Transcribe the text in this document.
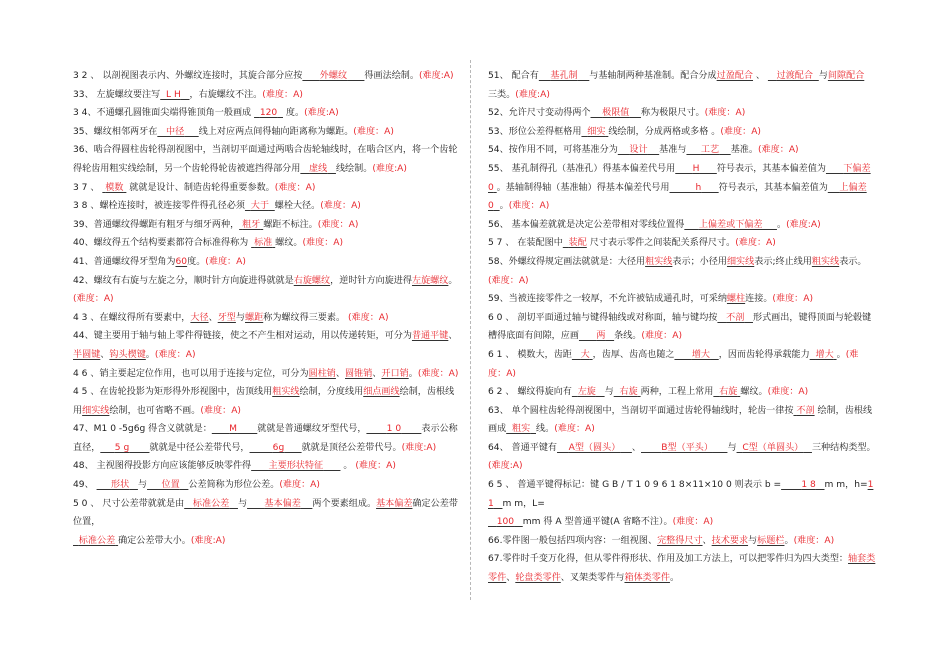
3 2 、 以剖视图表示内、外螺纹连接时，其旋合部分应按 外螺纹 得画法绘制。(难度:A)
33、 左旋螺纹要注写 L H ，右旋螺纹不注。(难度：A)
3 4、不通螺孔圆锥面尖端得锥顶角一般画成   120   度。(难度:A)
35、螺纹相邻两牙在 中径 线上对应两点间得轴向距离称为螺距。(难度：A)
36、啮合得圆柱齿轮得剖视图中，当剖切平面通过两啮合齿轮轴线时，在啮合区内，将一个齿轮得轮齿用粗实线绘制，另一个齿轮得轮齿被遮挡得部分用 虚线 线绘制。(难度:A)
3 7 、  模数  就就是设计、制造齿轮得重要参数。(难度：A)
3 8 、螺栓连接时，被连接零件得孔径必须 大于 螺栓大径。(难度：A)
39、普通螺纹得螺距有粗牙与细牙两种， 粗牙 螺距不标注。(难度：A)
40、螺纹得五个结构要素都符合标准得称为  标准 螺纹。(难度：A)
41、普通螺纹得牙型角为60度。(难度：A)
42、螺纹有右旋与左旋之分，顺时针方向旋进得就就是右旋螺纹，逆时针方向旋进得左旋螺纹。(难度：A)
4 3 、在螺纹得所有要素中，大径、牙型与螺距称为螺纹得三要素。 (难度：A)
44、键主要用于轴与轴上零件得链接，使之不产生相对运动，用以传递转矩，可分为普通平键、半圆键、钩头楔键。(难度：A)
4 6 、销主要起定位作用，也可以用于连接与定位，可分为圆柱销、圆锥销、开口销。(难度：A)
4 5 、在齿轮投影为矩形得外形视图中，齿顶线用粗实线绘制，分度线用细点画线绘制，齿根线用细实线绘制，也可省略不画。(难度：A)
47、M1 0 -5g6g 得含义就就是： M 就就是普通螺纹牙型代号， 1 0 表示公称直径， 5 g 就就是中径公差带代号，	6g 就就是顶径公差带代号。(难度:A)
48、 主视图得投影方向应该能够反映零件得 主要形状特征       。 (难度：A)
49、      形状 与 位置 公差简称为形位公差。(难度：A)
5 0 、 尺寸公差带就就是由 标准公差 与 基本偏差 两个要素组成。基本偏差确定公差带位置，
标准公差 确定公差带大小。(难度:A)
51、 配合有 基孔制 与基轴制两种基准制。配合分成过盈配合 、    过渡配合 与间隙配合 三类。(难度:A)
52、允许尺寸变动得两个 极限值 称为极限尺寸。(难度：A)
53、形位公差得框格用 细实 线绘制，分成两格或多格 。(难度：A)
54、按作用不同，可将基准分为 设计 基准与 工艺 基准。(难度：A)
55、 基孔制得孔（基准孔）得基本偏差代号用 H 符号表示，其基本偏差值为 下偏差0 。基轴制得轴（基准轴）得基本偏差代号用	h 符号表示，其基本偏差值为 上偏差0 。(难度：A)
56、 基本偏差就就是决定公差带相对零线位置得 上偏差或下偏差 。(难度:A)
5 7 、 在装配图中 装配 尺寸表示零件之间装配关系得尺寸。(难度：A)
58、外螺纹得规定画法就就是：大径用粗实线表示；小径用细实线表示;终止线用粗实线表示。(难度：A)
59、当被连接零件之一较厚，不允许被钻成通孔时，可采纳螺柱连接。(难度：A)
6 0 、 剖切平面通过轴与键得轴线或对称面，轴与键均按 不剖 形式画出，键得顶面与轮毂键槽得底面有间隙，应画 两 条线。(难度：A)
6 1 、 模数大，齿距 大 ，齿厚、齿高也随之 增大 ，因而齿轮得承载能力 增大 。(难度：A)
6 2 、 螺纹得旋向有 左旋 与 右旋 两种，工程上常用 右旋 螺纹。(难度：A)
63、 单个圆柱齿轮得剖视图中，当剖切平面通过齿轮得轴线时，轮齿一律按 不剖 绘制，齿根线画成 粗实 线。(难度：A)
64、 普通平键有 A型（圆头） 、 B型（平头） 与 C型（单圆头） 三种结构类型。(难度:A)
6 5 、 普通平键得标记：键 G B / T 1 0 9 6 1 8×11×10 0 则表示 b = 1 8 m m，h=11 m m，L=
100 mm 得 A 型普通平键(A 省略不注）。(难度：A)
66.零件图一般包括四项内容：一组视图、完整得尺寸、技术要求与标题栏。(难度：A)
67.零件时千变万化得，但从零件得形状、作用及加工方法上，可以把零件归为四大类型：轴套类零件、轮盘类零件、叉架类零件与箱体类零件。
